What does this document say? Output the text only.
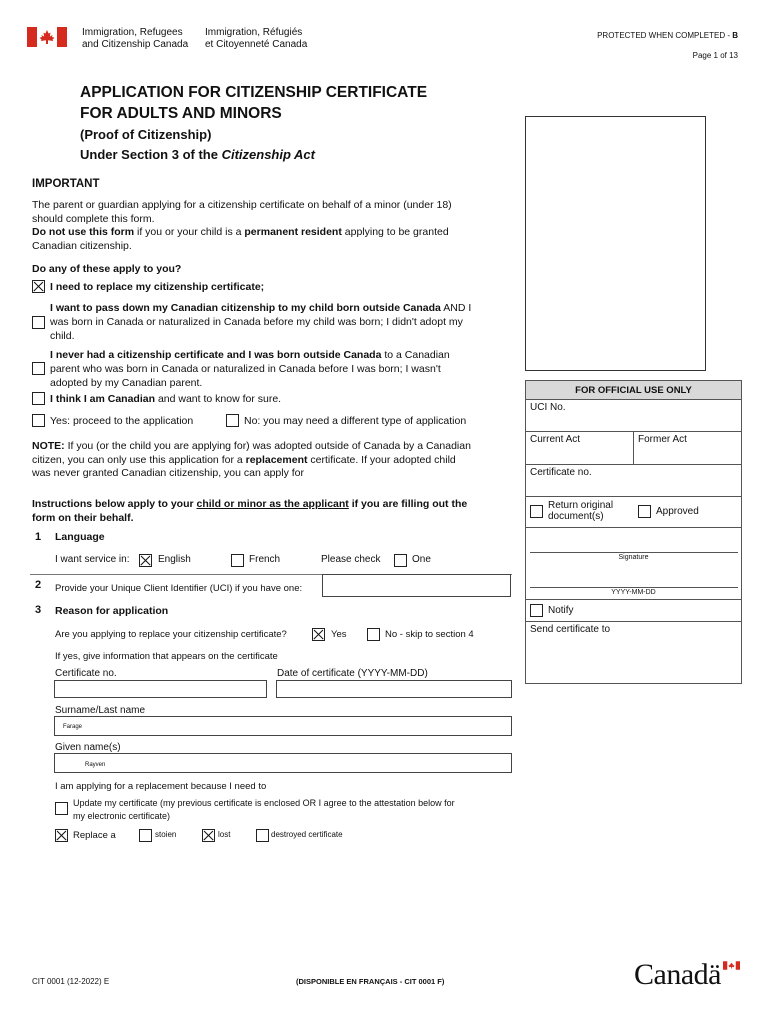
Immigration, Refugees
and Citizenship Canada
Immigration, Réfugiés
et Citoyenneté Canada
PROTECTED WHEN COMPLETED - B
Page 1 of 13
APPLICATION FOR CITIZENSHIP CERTIFICATE
FOR ADULTS AND MINORS
(Proof of Citizenship)
Under Section 3 of the Citizenship Act
IMPORTANT
The parent or guardian applying for a citizenship certificate on behalf of a minor (under 18)
should complete this form.
Do not use this form if you or your child is a permanent resident applying to be granted
Canadian citizenship.
Do any of these apply to you?
I need to replace my citizenship certificate;
I want to pass down my Canadian citizenship to my child born outside Canada AND I
was born in Canada or naturalized in Canada before my child was born; I didn't adopt my
child.
I never had a citizenship certificate and I was born outside Canada to a Canadian
parent who was born in Canada or naturalized in Canada before I was born; I wasn't
adopted by my Canadian parent.
I think I am Canadian and want to know for sure.
Yes: proceed to the application	No: you may need a different type of application
NOTE: If you (or the child you are applying for) was adopted outside of Canada by a Canadian
citizen, you can only use this application for a replacement certificate. If your adopted child
was never granted Canadian citizenship, you can apply for
Instructions below apply to your child or minor as the applicant if you are filling out the
form on their behalf.
1 Language
I want service in:	English	French	Please check	One
2 Provide your Unique Client Identifier (UCI) if you have one:
3 Reason for application
Are you applying to replace your citizenship certificate?	Yes	No - skip to section 4
If yes, give information that appears on the certificate
Certificate no.	Date of certificate (YYYY-MM-DD)
Surname/Last name
Farage
Given name(s)
Rayven
I am applying for a replacement because I need to
Update my certificate (my previous certificate is enclosed OR I agree to the attestation below for
my electronic certificate)
Replace a	stoien	lost	destroyed certificate
FOR OFFICIAL USE ONLY
UCI No.
Current Act	Former Act
Certificate no.
Return original
document(s)	Approved
Signature
YYYY-MM-DD
Notify
Send certificate to
CIT 0001 (12-2022) E	(DISPONIBLE EN FRANÇAIS - CIT 0001 F)	Canadä
